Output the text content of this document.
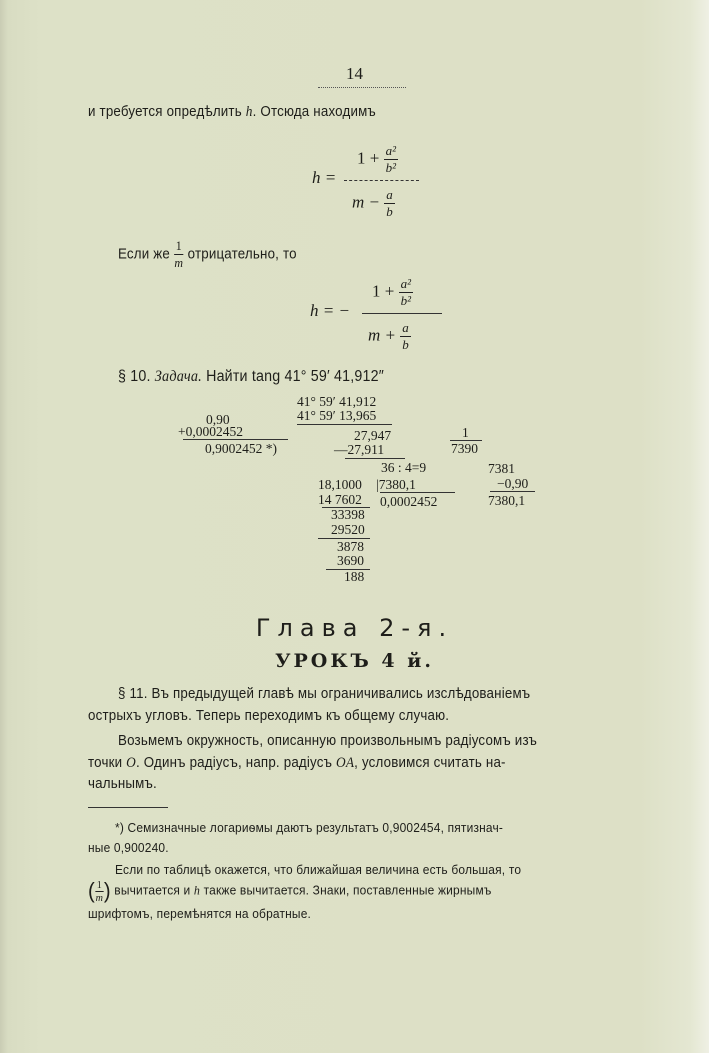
14
и требуется опредѣлить h. Отсюда находимъ
h =
$1 + \frac{\text{a²}}{\text{b²}}$
$m - \frac{a}{b}$
Если же $\frac{1}{m}$ отрицательно, то
h = −
$1 + \frac{\text{a²}}{\text{b²}}$
$m + \frac{a}{b}$
§ 10. Задача. Найти tang 41° 59′ 41,912″
0,90
+0,0002452
0,9002452 *)
41° 59′ 41,912
41° 59′ 13,965
27,947
—27,911
36 : 4=9
18,1000 |7380,1
14 7602 0,0002452
33398
29520
3878
3690
188
1
7390
7381
−0,90
7380,1
Глава 2-я.
УРОКЪ 4 й.
§ 11. Въ предыдущей главѣ мы ограничивались изслѣдованіемъ
острыхъ угловъ. Теперь переходимъ къ общему случаю.
Возьмемъ окружность, описанную произвольнымъ радіусомъ изъ
точки O. Одинъ радіусъ, напр. радіусъ OA, условимся считать на-
чальнымъ.
*) Семизначные логариѳмы даютъ результатъ 0,9002454, пятизнач-
ные 0,900240.
Если по таблицѣ окажется, что ближайшая величина есть большая, то
( $\frac{1}{m}$ ) вычитается и h также вычитается. Знаки, поставленные жирнымъ
шрифтомъ, перемѣнятся на обратные.
